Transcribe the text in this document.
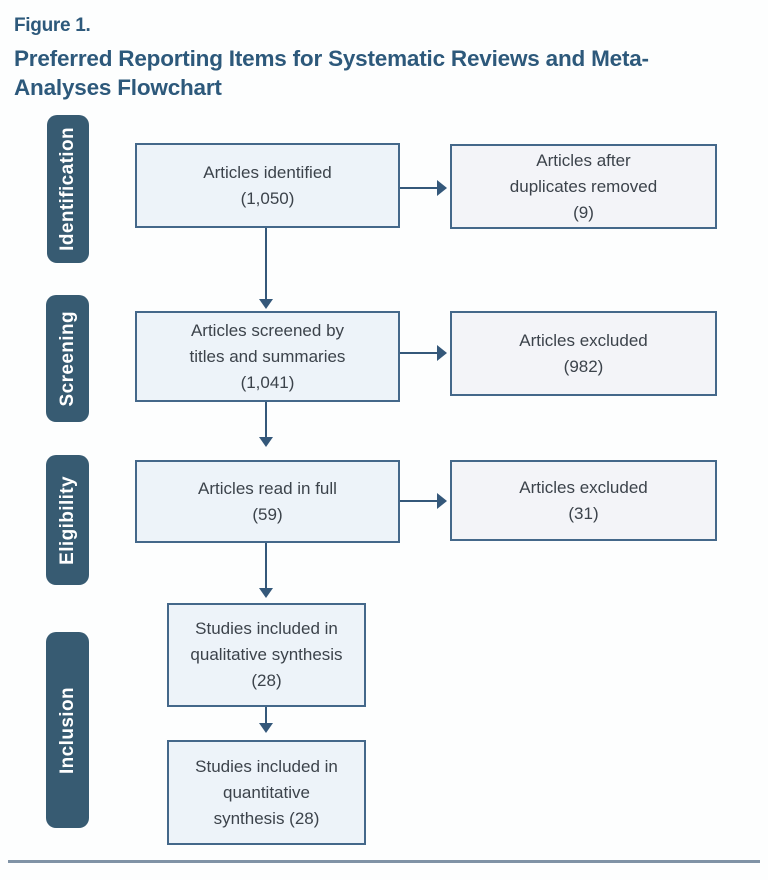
Figure 1.
Preferred Reporting Items for Systematic Reviews and Meta-
Analyses Flowchart
Identification
Screening
Eligibility
Inclusion
Articles identified
(1,050)
Articles after
duplicates removed
(9)
Articles screened by
titles and summaries
(1,041)
Articles excluded
(982)
Articles read in full
(59)
Articles excluded
(31)
Studies included in
qualitative synthesis
(28)
Studies included in
quantitative
synthesis (28)
